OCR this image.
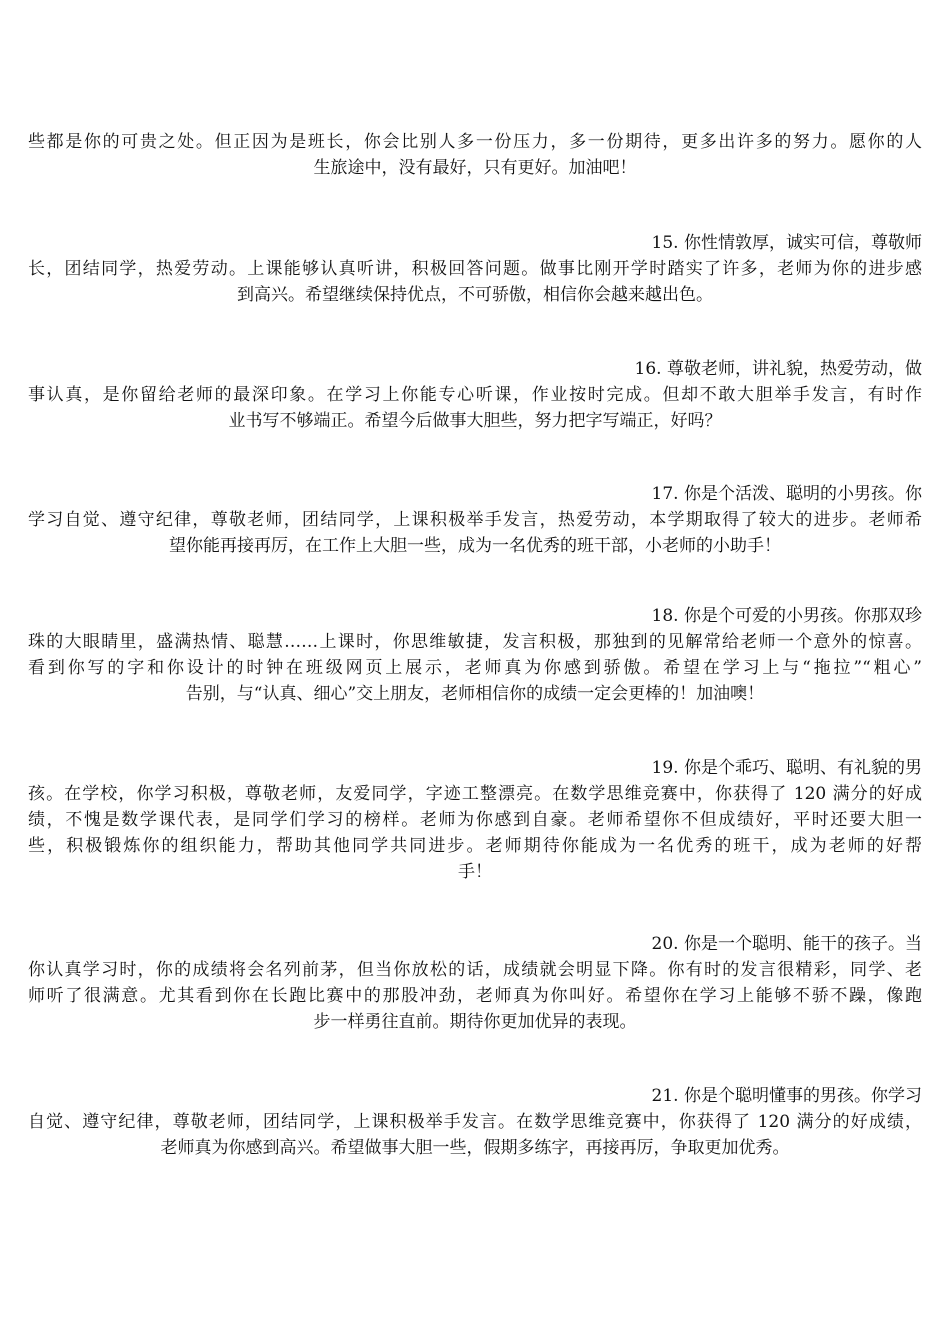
些都是你的可贵之处。但正因为是班长，你会比别人多一份压力，多一份期待，更多出许多的努力。愿你的人
生旅途中，没有最好，只有更好。加油吧！
15. 你性情敦厚，诚实可信，尊敬师
长，团结同学，热爱劳动。上课能够认真听讲，积极回答问题。做事比刚开学时踏实了许多，老师为你的进步感
到高兴。希望继续保持优点，不可骄傲，相信你会越来越出色。
16. 尊敬老师，讲礼貌，热爱劳动，做
事认真，是你留给老师的最深印象。在学习上你能专心听课，作业按时完成。但却不敢大胆举手发言，有时作
业书写不够端正。希望今后做事大胆些，努力把字写端正，好吗？
17. 你是个活泼、聪明的小男孩。你
学习自觉、遵守纪律，尊敬老师，团结同学，上课积极举手发言，热爱劳动，本学期取得了较大的进步。老师希
望你能再接再厉，在工作上大胆一些，成为一名优秀的班干部，小老师的小助手！
18. 你是个可爱的小男孩。你那双珍
珠的大眼睛里，盛满热情、聪慧……上课时，你思维敏捷，发言积极，那独到的见解常给老师一个意外的惊喜。
看到你写的字和你设计的时钟在班级网页上展示，老师真为你感到骄傲。希望在学习上与“拖拉”“粗心”
告别，与“认真、细心”交上朋友，老师相信你的成绩一定会更棒的！加油噢！
19. 你是个乖巧、聪明、有礼貌的男
孩。在学校，你学习积极，尊敬老师，友爱同学，字迹工整漂亮。在数学思维竞赛中，你获得了 120 满分的好成
绩，不愧是数学课代表，是同学们学习的榜样。老师为你感到自豪。老师希望你不但成绩好，平时还要大胆一
些，积极锻炼你的组织能力，帮助其他同学共同进步。老师期待你能成为一名优秀的班干，成为老师的好帮
手！
20. 你是一个聪明、能干的孩子。当
你认真学习时，你的成绩将会名列前茅，但当你放松的话，成绩就会明显下降。你有时的发言很精彩，同学、老
师听了很满意。尤其看到你在长跑比赛中的那股冲劲，老师真为你叫好。希望你在学习上能够不骄不躁，像跑
步一样勇往直前。期待你更加优异的表现。
21. 你是个聪明懂事的男孩。你学习
自觉、遵守纪律，尊敬老师，团结同学，上课积极举手发言。在数学思维竞赛中，你获得了 120 满分的好成绩，
老师真为你感到高兴。希望做事大胆一些，假期多练字，再接再厉，争取更加优秀。
